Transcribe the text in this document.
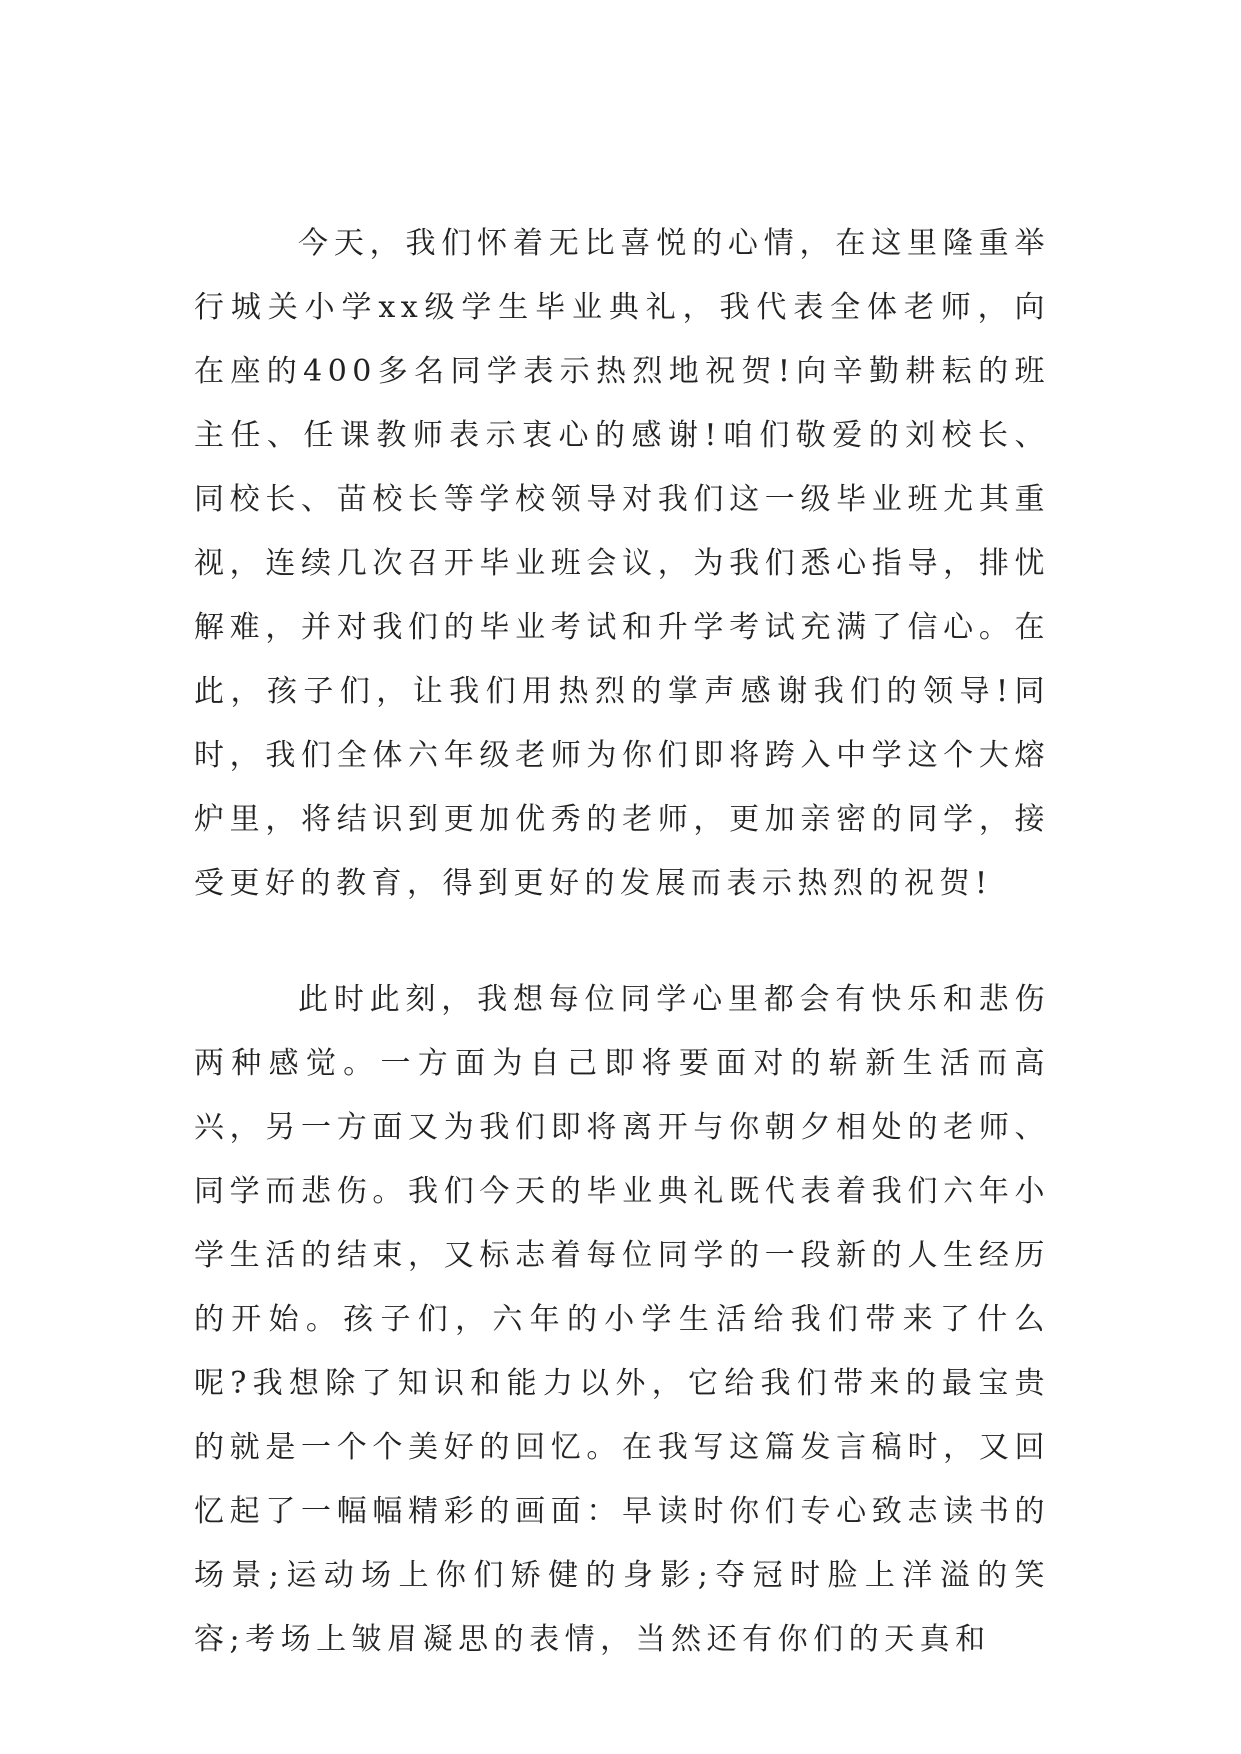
今天，我们怀着无比喜悦的心情，在这里隆重举行城关小学xx级学生毕业典礼，我代表全体老师，向在座的400多名同学表示热烈地祝贺!向辛勤耕耘的班主任、任课教师表示衷心的感谢!咱们敬爱的刘校长、同校长、苗校长等学校领导对我们这一级毕业班尤其重视，连续几次召开毕业班会议，为我们悉心指导，排忧解难，并对我们的毕业考试和升学考试充满了信心。在此，孩子们，让我们用热烈的掌声感谢我们的领导!同时，我们全体六年级老师为你们即将跨入中学这个大熔炉里，将结识到更加优秀的老师，更加亲密的同学，接受更好的教育，得到更好的发展而表示热烈的祝贺!

此时此刻，我想每位同学心里都会有快乐和悲伤两种感觉。一方面为自己即将要面对的崭新生活而高兴，另一方面又为我们即将离开与你朝夕相处的老师、同学而悲伤。我们今天的毕业典礼既代表着我们六年小学生活的结束，又标志着每位同学的一段新的人生经历的开始。孩子们，六年的小学生活给我们带来了什么呢?我想除了知识和能力以外，它给我们带来的最宝贵的就是一个个美好的回忆。在我写这篇发言稿时，又回忆起了一幅幅精彩的画面：早读时你们专心致志读书的场景;运动场上你们矫健的身影;夺冠时脸上洋溢的笑容;考场上皱眉凝思的表情，当然还有你们的天真和
